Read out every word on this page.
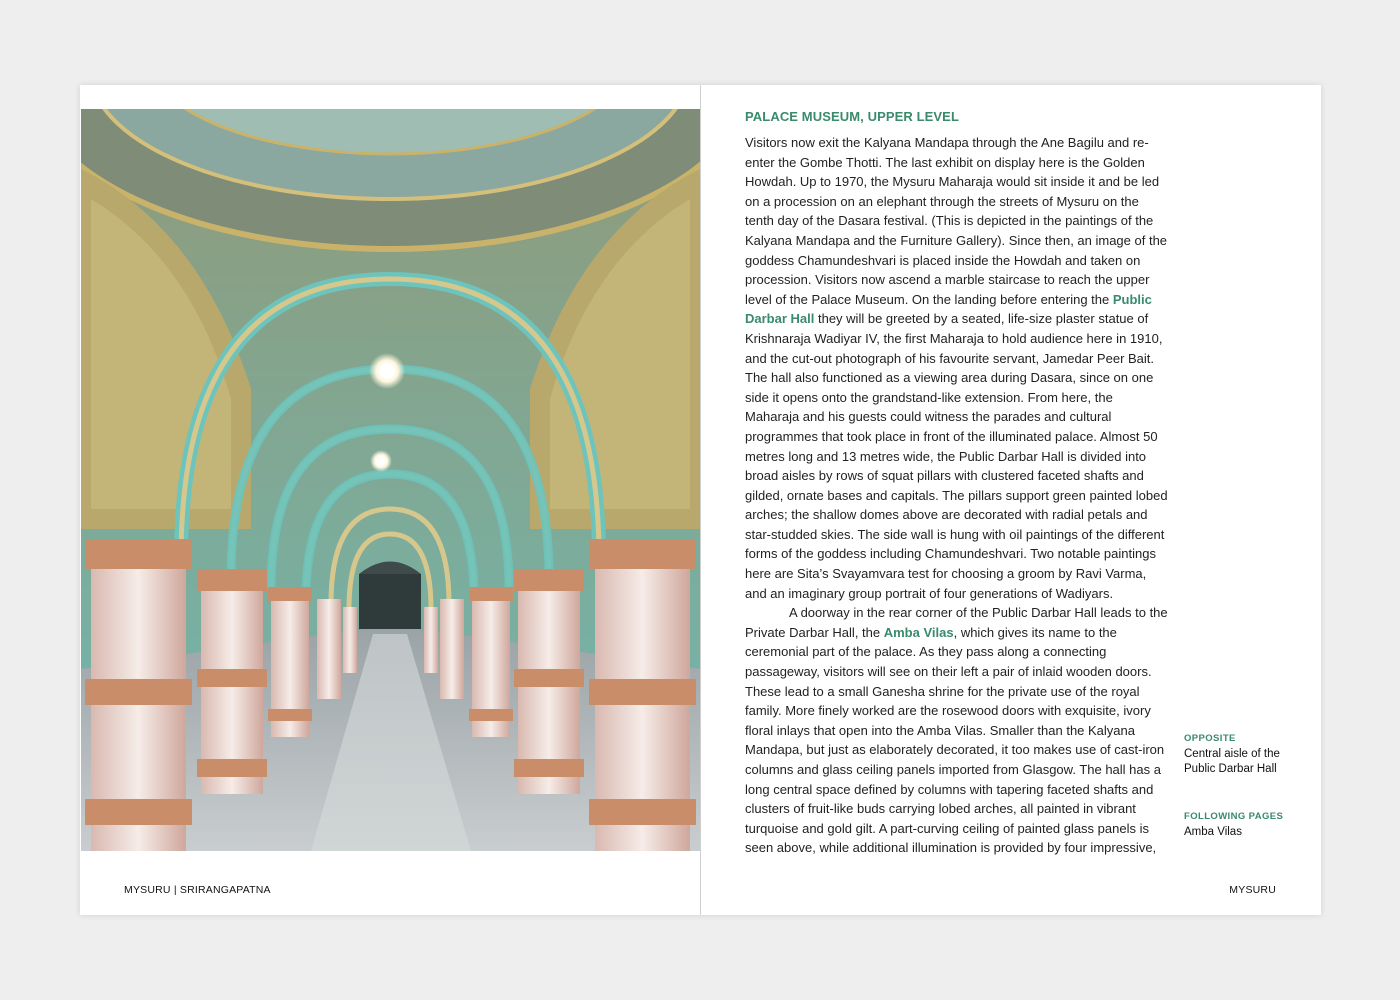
MYSURU | SRIRANGAPATNA
PALACE MUSEUM, UPPER LEVEL

Visitors now exit the Kalyana Mandapa through the Ane Bagilu and re-enter the Gombe Thotti. The last exhibit on display here is the Golden Howdah. Up to 1970, the Mysuru Maharaja would sit inside it and be led on a procession on an elephant through the streets of Mysuru on the tenth day of the Dasara festival. (This is depicted in the paintings of the Kalyana Mandapa and the Furniture Gallery). Since then, an image of the goddess Chamundeshvari is placed inside the Howdah and taken on procession. Visitors now ascend a marble staircase to reach the upper level of the Palace Museum. On the landing before entering the Public Darbar Hall they will be greeted by a seated, life-size plaster statue of Krishnaraja Wadiyar IV, the first Maharaja to hold audience here in 1910, and the cut-out photograph of his favourite servant, Jamedar Peer Bait. The hall also functioned as a viewing area during Dasara, since on one side it opens onto the grandstand-like extension. From here, the Maharaja and his guests could witness the parades and cultural programmes that took place in front of the illuminated palace. Almost 50 metres long and 13 metres wide, the Public Darbar Hall is divided into broad aisles by rows of squat pillars with clustered faceted shafts and gilded, ornate bases and capitals. The pillars support green painted lobed arches; the shallow domes above are decorated with radial petals and star-studded skies. The side wall is hung with oil paintings of the different forms of the goddess including Chamundeshvari. Two notable paintings here are Sita’s Svayamvara test for choosing a groom by Ravi Varma, and an imaginary group portrait of four generations of Wadiyars.

A doorway in the rear corner of the Public Darbar Hall leads to the Private Darbar Hall, the Amba Vilas, which gives its name to the ceremonial part of the palace. As they pass along a connecting passageway, visitors will see on their left a pair of inlaid wooden doors. These lead to a small Ganesha shrine for the private use of the royal family. More finely worked are the rosewood doors with exquisite, ivory floral inlays that open into the Amba Vilas. Smaller than the Kalyana Mandapa, but just as elaborately decorated, it too makes use of cast-iron columns and glass ceiling panels imported from Glasgow. The hall has a long central space defined by columns with tapering faceted shafts and clusters of fruit-like buds carrying lobed arches, all painted in vibrant turquoise and gold gilt. A part-curving ceiling of painted glass panels is seen above, while additional illumination is provided by four impressive,

OPPOSITE
Central aisle of the Public Darbar Hall
FOLLOWING PAGES
Amba Vilas
MYSURU
